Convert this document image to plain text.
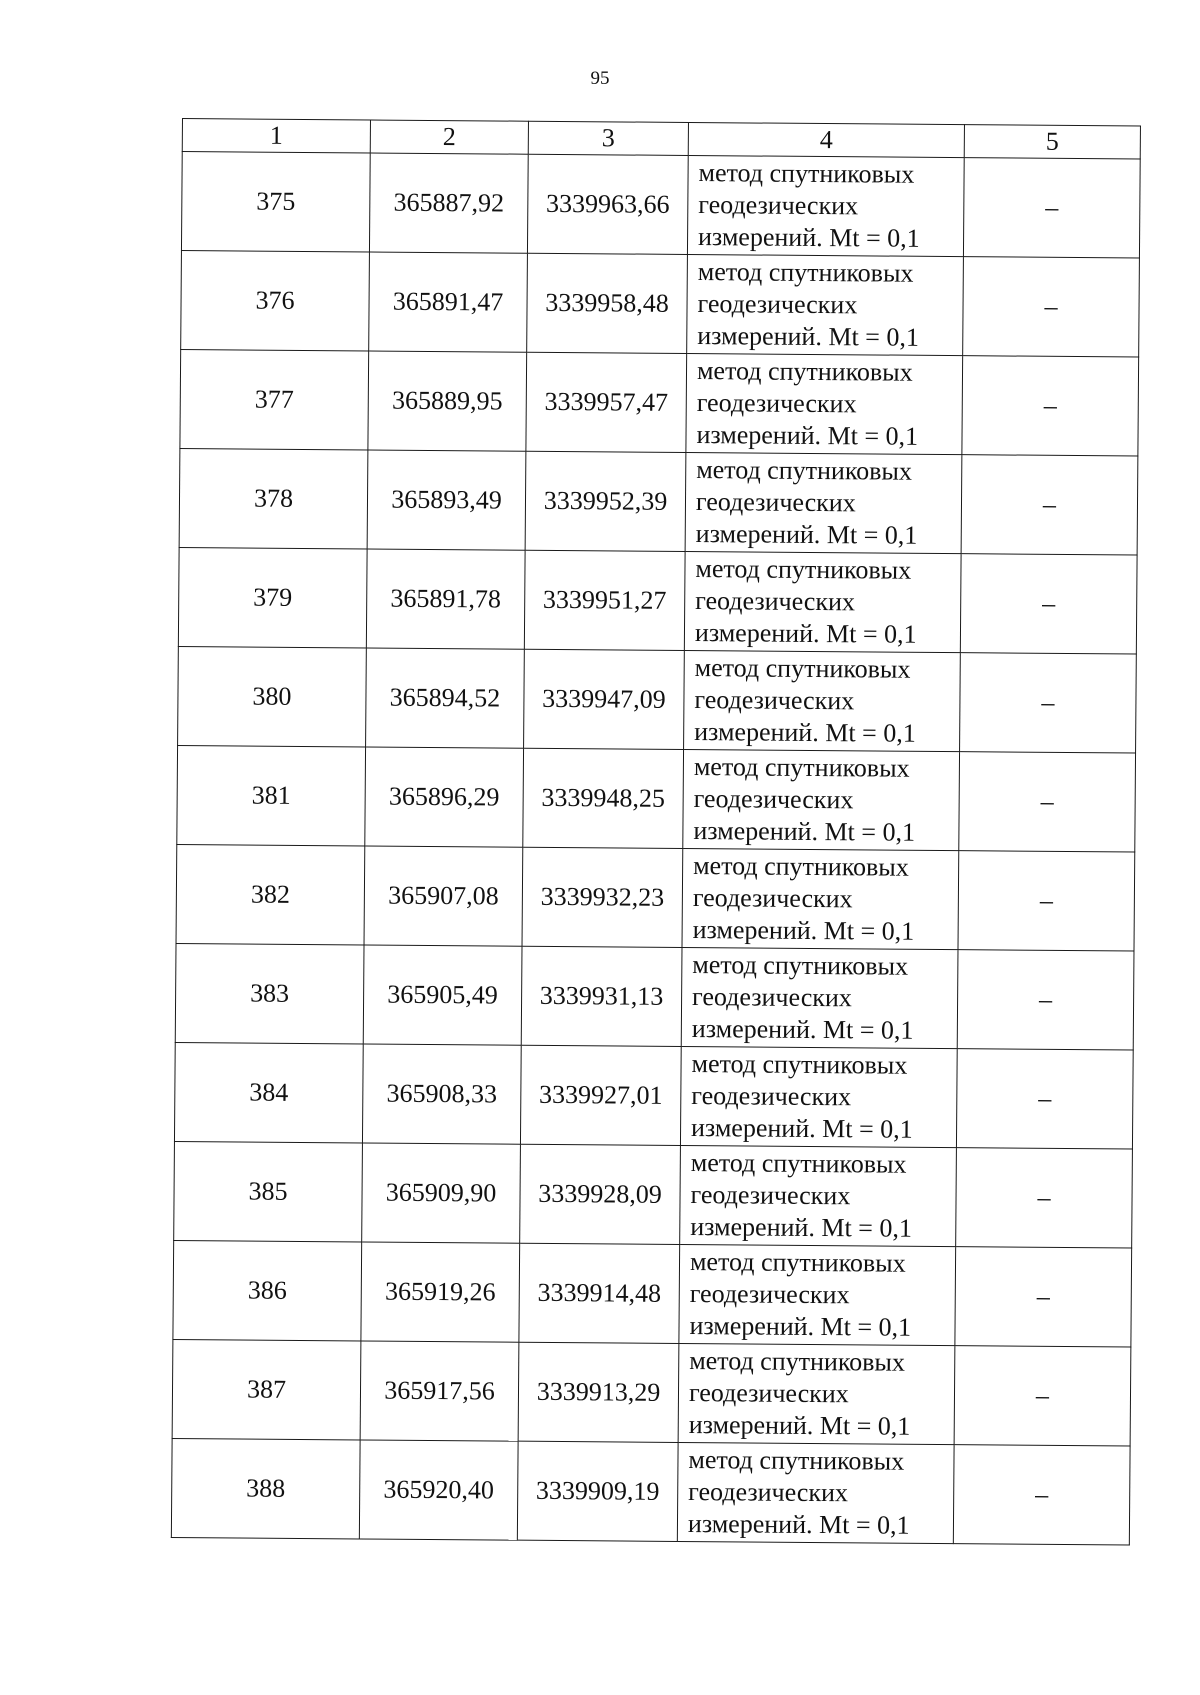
95
1	2	3	4	5
375	365887,92	3339963,66	метод спутниковых
геодезических
измерений. Mt = 0,1	–
376	365891,47	3339958,48	метод спутниковых
геодезических
измерений. Mt = 0,1	–
377	365889,95	3339957,47	метод спутниковых
геодезических
измерений. Mt = 0,1	–
378	365893,49	3339952,39	метод спутниковых
геодезических
измерений. Mt = 0,1	–
379	365891,78	3339951,27	метод спутниковых
геодезических
измерений. Mt = 0,1	–
380	365894,52	3339947,09	метод спутниковых
геодезических
измерений. Mt = 0,1	–
381	365896,29	3339948,25	метод спутниковых
геодезических
измерений. Mt = 0,1	–
382	365907,08	3339932,23	метод спутниковых
геодезических
измерений. Mt = 0,1	–
383	365905,49	3339931,13	метод спутниковых
геодезических
измерений. Mt = 0,1	–
384	365908,33	3339927,01	метод спутниковых
геодезических
измерений. Mt = 0,1	–
385	365909,90	3339928,09	метод спутниковых
геодезических
измерений. Mt = 0,1	–
386	365919,26	3339914,48	метод спутниковых
геодезических
измерений. Mt = 0,1	–
387	365917,56	3339913,29	метод спутниковых
геодезических
измерений. Mt = 0,1	–
388	365920,40	3339909,19	метод спутниковых
геодезических
измерений. Mt = 0,1	–
